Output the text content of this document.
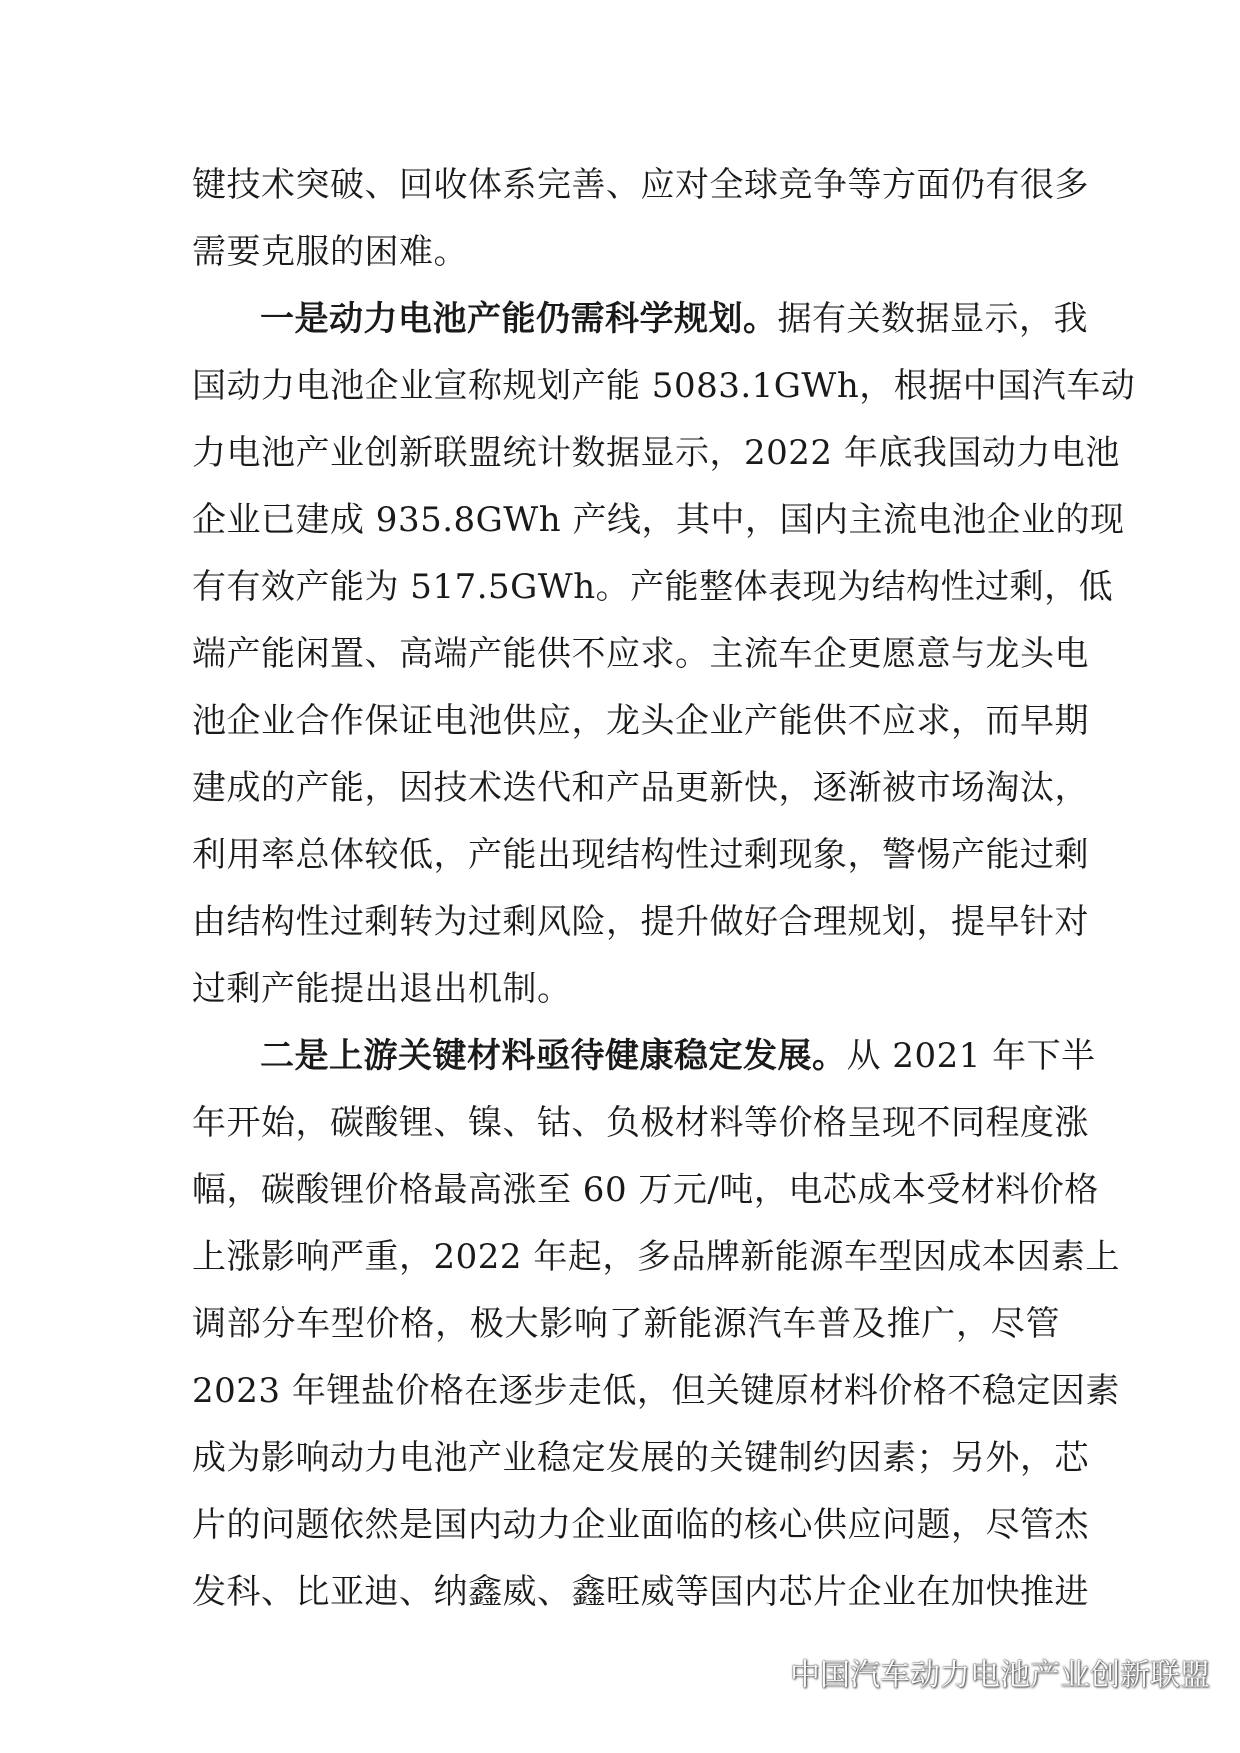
键技术突破、回收体系完善、应对全球竞争等方面仍有很多
需要克服的困难。
一是动力电池产能仍需科学规划。据有关数据显示，我
国动力电池企业宣称规划产能 5083.1GWh，根据中国汽车动
力电池产业创新联盟统计数据显示，2022 年底我国动力电池
企业已建成 935.8GWh 产线，其中，国内主流电池企业的现
有有效产能为 517.5GWh。产能整体表现为结构性过剩，低
端产能闲置、高端产能供不应求。主流车企更愿意与龙头电
池企业合作保证电池供应，龙头企业产能供不应求，而早期
建成的产能，因技术迭代和产品更新快，逐渐被市场淘汰，
利用率总体较低，产能出现结构性过剩现象，警惕产能过剩
由结构性过剩转为过剩风险，提升做好合理规划，提早针对
过剩产能提出退出机制。
二是上游关键材料亟待健康稳定发展。从 2021 年下半
年开始，碳酸锂、镍、钴、负极材料等价格呈现不同程度涨
幅，碳酸锂价格最高涨至 60 万元/吨，电芯成本受材料价格
上涨影响严重，2022 年起，多品牌新能源车型因成本因素上
调部分车型价格，极大影响了新能源汽车普及推广，尽管
2023 年锂盐价格在逐步走低，但关键原材料价格不稳定因素
成为影响动力电池产业稳定发展的关键制约因素；另外，芯
片的问题依然是国内动力企业面临的核心供应问题，尽管杰
发科、比亚迪、纳鑫威、鑫旺威等国内芯片企业在加快推进
中国汽车动力电池产业创新联盟
